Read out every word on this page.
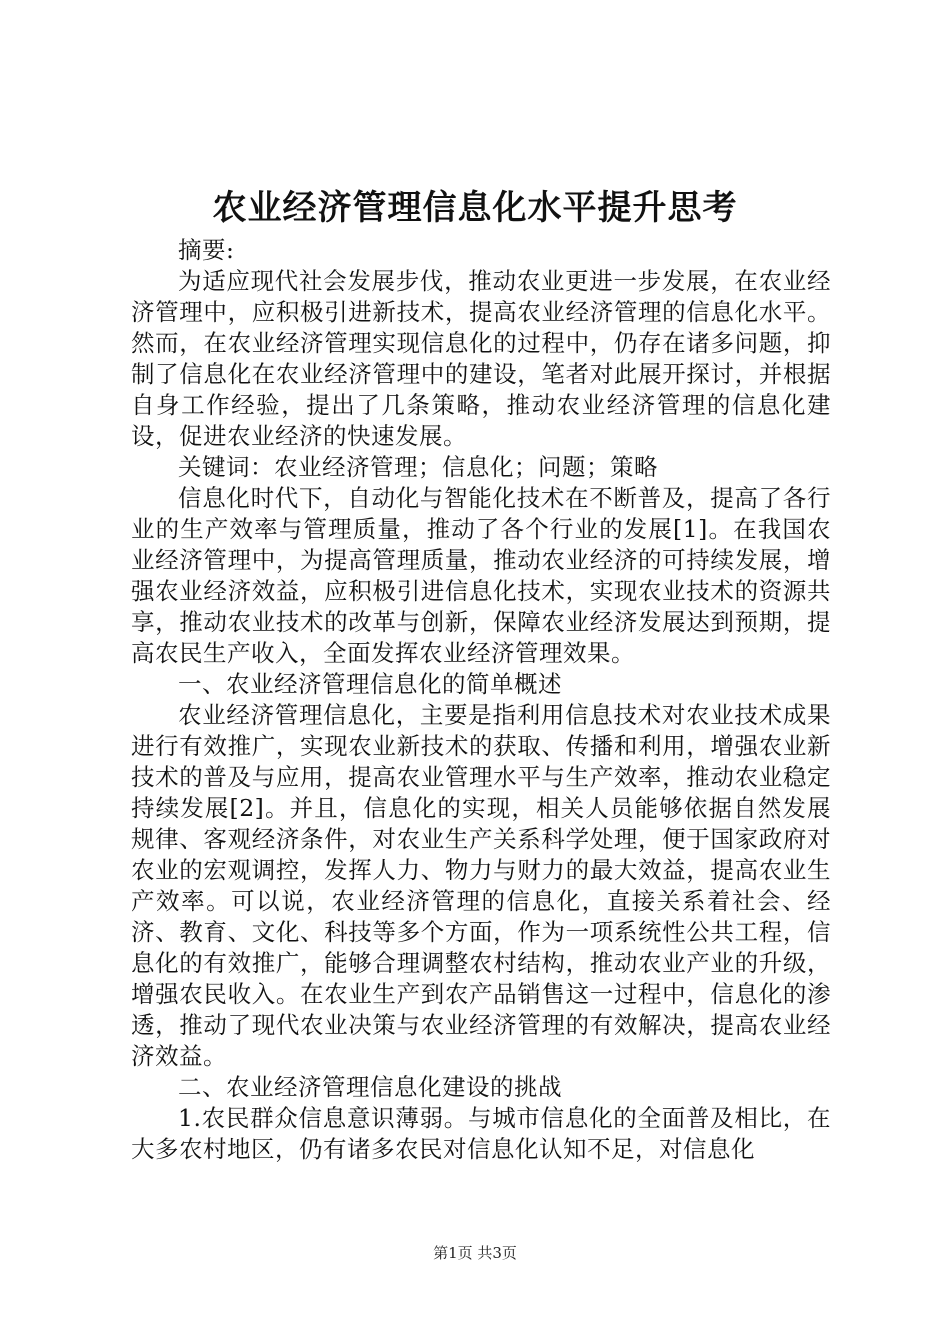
农业经济管理信息化水平提升思考

摘要:

为适应现代社会发展步伐，推动农业更进一步发展，在农业经济管理中，应积极引进新技术，提高农业经济管理的信息化水平。然而，在农业经济管理实现信息化的过程中，仍存在诸多问题，抑制了信息化在农业经济管理中的建设，笔者对此展开探讨，并根据自身工作经验，提出了几条策略，推动农业经济管理的信息化建设，促进农业经济的快速发展。

关键词：农业经济管理；信息化；问题；策略

信息化时代下，自动化与智能化技术在不断普及，提高了各行业的生产效率与管理质量，推动了各个行业的发展[1]。在我国农业经济管理中，为提高管理质量，推动农业经济的可持续发展，增强农业经济效益，应积极引进信息化技术，实现农业技术的资源共享，推动农业技术的改革与创新，保障农业经济发展达到预期，提高农民生产收入，全面发挥农业经济管理效果。

一、农业经济管理信息化的简单概述

农业经济管理信息化，主要是指利用信息技术对农业技术成果进行有效推广，实现农业新技术的获取、传播和利用，增强农业新技术的普及与应用，提高农业管理水平与生产效率，推动农业稳定持续发展[2]。并且，信息化的实现，相关人员能够依据自然发展规律、客观经济条件，对农业生产关系科学处理，便于国家政府对农业的宏观调控，发挥人力、物力与财力的最大效益，提高农业生产效率。可以说，农业经济管理的信息化，直接关系着社会、经济、教育、文化、科技等多个方面，作为一项系统性公共工程，信息化的有效推广，能够合理调整农村结构，推动农业产业的升级，增强农民收入。在农业生产到农产品销售这一过程中，信息化的渗透，推动了现代农业决策与农业经济管理的有效解决，提高农业经济效益。

二、农业经济管理信息化建设的挑战

1.农民群众信息意识薄弱。与城市信息化的全面普及相比，在大多农村地区，仍有诸多农民对信息化认知不足，对信息化

第1页 共3页
